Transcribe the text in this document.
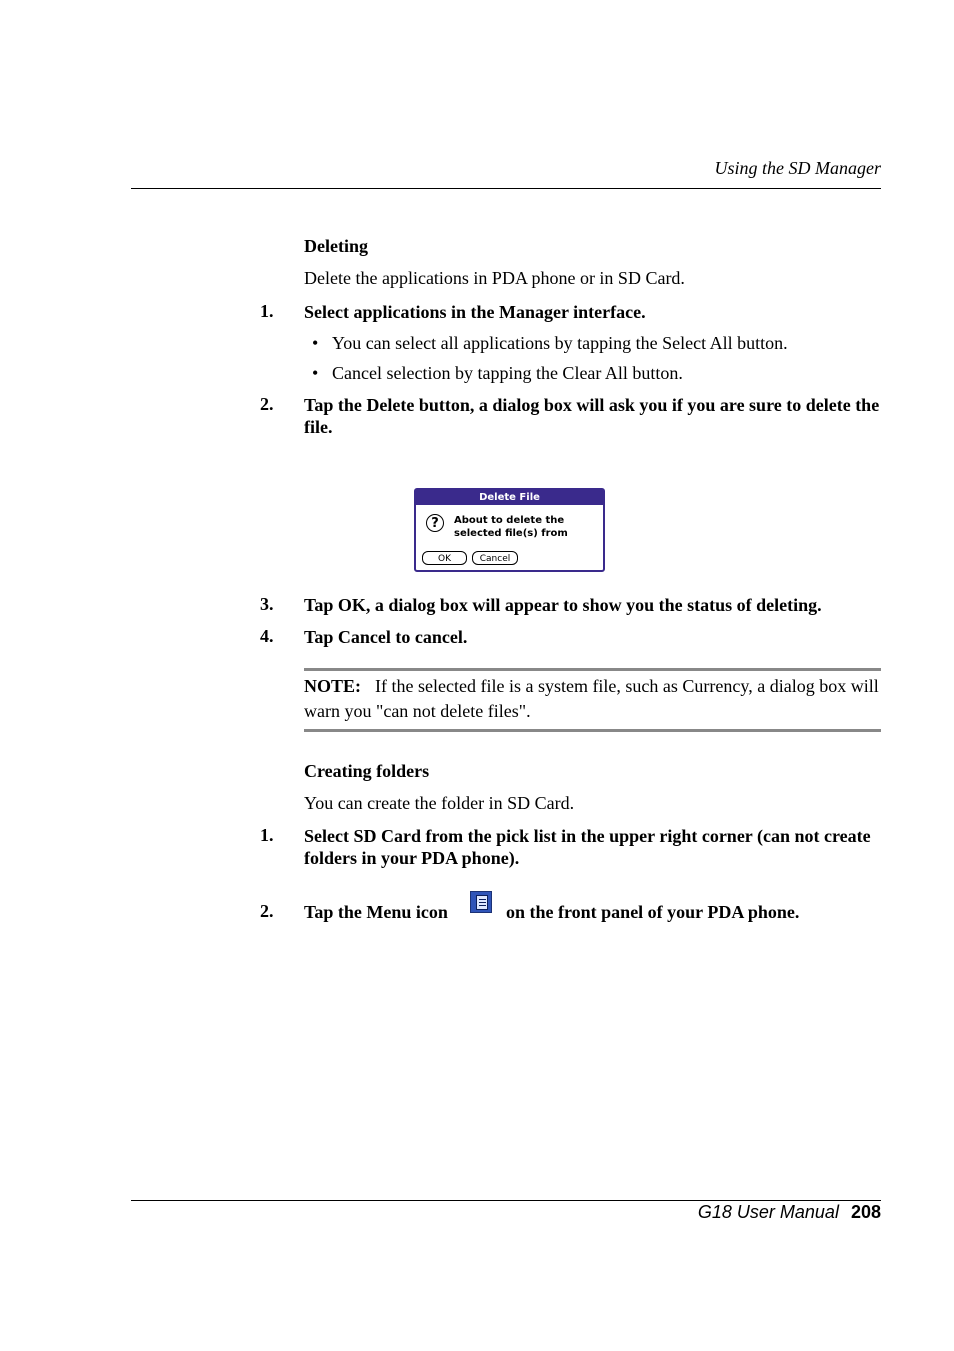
Using the SD Manager
Deleting
Delete the applications in PDA phone or in SD Card.
1. Select applications in the Manager interface.
• You can select all applications by tapping the Select All button.
• Cancel selection by tapping the Clear All button.
2. Tap the Delete button, a dialog box will ask you if you are sure to delete the file.
Delete File
?	About to delete the selected file(s) from
OK	Cancel
3. Tap OK, a dialog box will appear to show you the status of deleting.
4. Tap Cancel to cancel.
NOTE: If the selected file is a system file, such as Currency, a dialog box will warn you "can not delete files".
Creating folders
You can create the folder in SD Card.
1. Select SD Card from the pick list in the upper right corner (can not create folders in your PDA phone).
2. Tap the Menu icon	on the front panel of your PDA phone.
G18 User Manual 208
